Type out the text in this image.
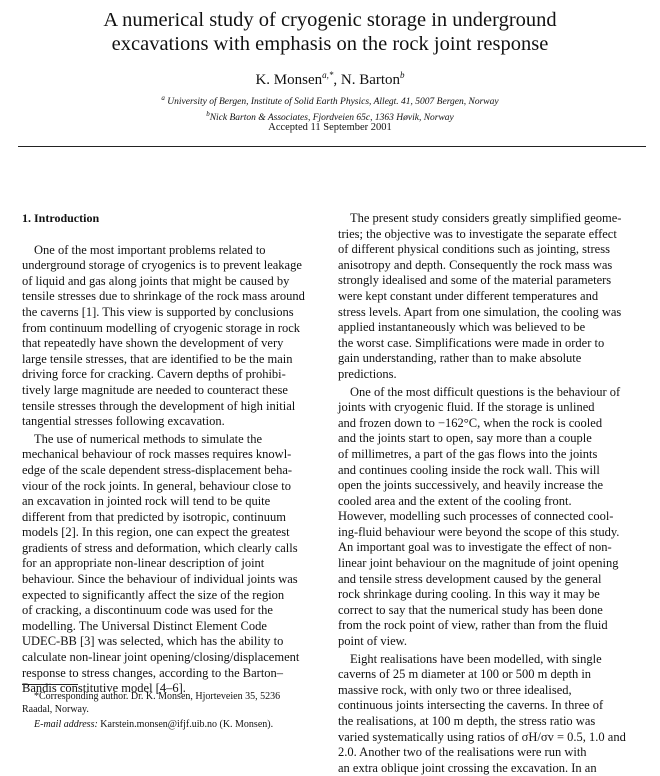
A numerical study of cryogenic storage in underground
excavations with emphasis on the rock joint response
K. Monsen$^{a,*}$, N. Barton$^b$
$^a$ University of Bergen, Institute of Solid Earth Physics, Allegt. 41, 5007 Bergen, Norway
$^b$Nick Barton & Associates, Fjordveien 65c, 1363 Høvik, Norway
Accepted 11 September 2001
1. Introduction
One of the most important problems related to
underground storage of cryogenics is to prevent leakage
of liquid and gas along joints that might be caused by
tensile stresses due to shrinkage of the rock mass around
the caverns [1]. This view is supported by conclusions
from continuum modelling of cryogenic storage in rock
that repeatedly have shown the development of very
large tensile stresses, that are identified to be the main
driving force for cracking. Cavern depths of prohibi-
tively large magnitude are needed to counteract these
tensile stresses through the development of high initial
tangential stresses following excavation.
The use of numerical methods to simulate the
mechanical behaviour of rock masses requires knowl-
edge of the scale dependent stress-displacement beha-
viour of the rock joints. In general, behaviour close to
an excavation in jointed rock will tend to be quite
different from that predicted by isotropic, continuum
models [2]. In this region, one can expect the greatest
gradients of stress and deformation, which clearly calls
for an appropriate non-linear description of joint
behaviour. Since the behaviour of individual joints was
expected to significantly affect the size of the region
of cracking, a discontinuum code was used for the
modelling. The Universal Distinct Element Code
UDEC-BB [3] was selected, which has the ability to
calculate non-linear joint opening/closing/displacement
response to stress changes, according to the Barton–
Bandis constitutive model [4–6].
The present study considers greatly simplified geome-
tries; the objective was to investigate the separate effect
of different physical conditions such as jointing, stress
anisotropy and depth. Consequently the rock mass was
strongly idealised and some of the material parameters
were kept constant under different temperatures and
stress levels. Apart from one simulation, the cooling was
applied instantaneously which was believed to be
the worst case. Simplifications were made in order to
gain understanding, rather than to make absolute
predictions.
One of the most difficult questions is the behaviour of
joints with cryogenic fluid. If the storage is unlined
and frozen down to −162°C, when the rock is cooled
and the joints start to open, say more than a couple
of millimetres, a part of the gas flows into the joints
and continues cooling inside the rock wall. This will
open the joints successively, and heavily increase the
cooled area and the extent of the cooling front.
However, modelling such processes of connected cool-
ing-fluid behaviour were beyond the scope of this study.
An important goal was to investigate the effect of non-
linear joint behaviour on the magnitude of joint opening
and tensile stress development caused by the general
rock shrinkage during cooling. In this way it may be
correct to say that the numerical study has been done
from the rock point of view, rather than from the fluid
point of view.
Eight realisations have been modelled, with single
caverns of 25 m diameter at 100 or 500 m depth in
massive rock, with only two or three idealised,
continuous joints intersecting the caverns. In three of
the realisations, at 100 m depth, the stress ratio was
varied systematically using ratios of σH/σv = 0.5, 1.0 and
2.0. Another two of the realisations were run with
an extra oblique joint crossing the excavation. In an
*Corresponding author. Dr. K. Monsen, Hjorteveien 35, 5236
Raadal, Norway.
E-mail address: Karstein.monsen@ifjf.uib.no (K. Monsen).
